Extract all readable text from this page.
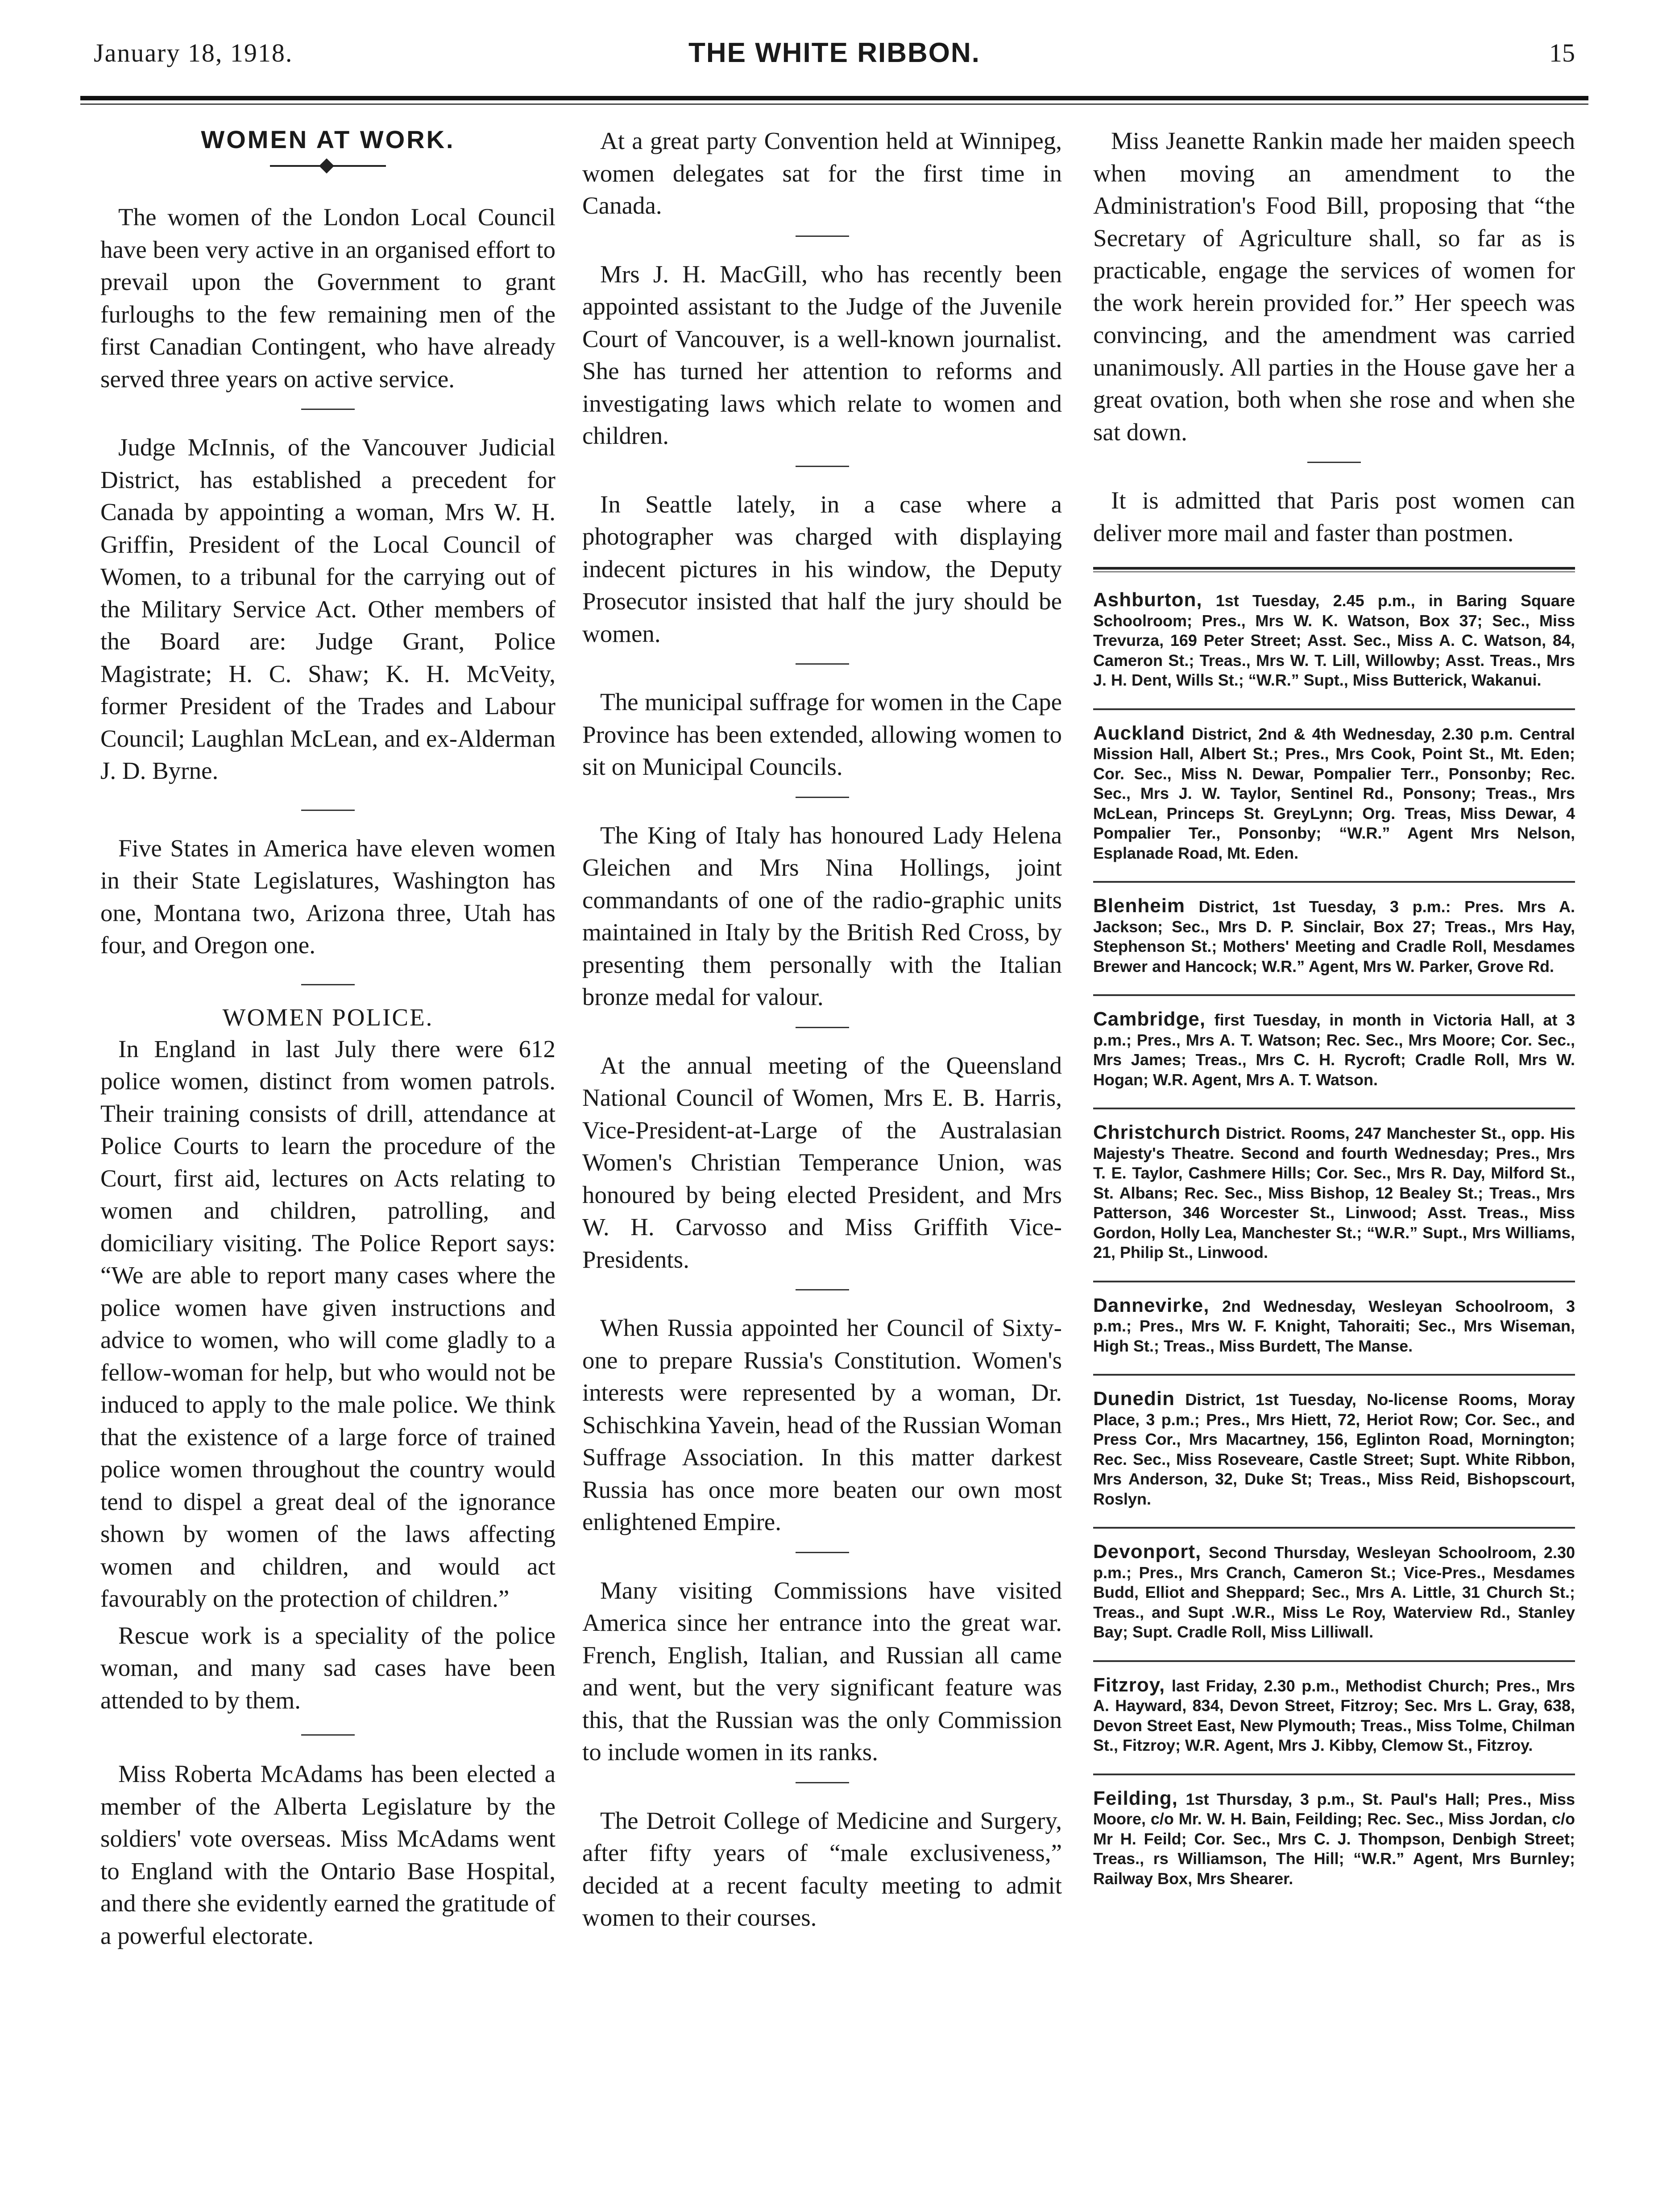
January 18, 1918.	THE WHITE RIBBON.	15
WOMEN AT WORK.

The women of the London Local Council have been very active in an organised effort to prevail upon the Government to grant furloughs to the few remaining men of the first Canadian Contingent, who have already served three years on active service.

Judge McInnis, of the Vancouver Judicial District, has established a precedent for Canada by appointing a woman, Mrs W. H. Griffin, President of the Local Council of Women, to a tribunal for the carrying out of the Military Service Act. Other members of the Board are: Judge Grant, Police Magistrate; H. C. Shaw; K. H. McVeity, former President of the Trades and Labour Council; Laughlan McLean, and ex-Alderman J. D. Byrne.

Five States in America have eleven women in their State Legislatures, Washington has one, Montana two, Arizona three, Utah has four, and Oregon one.

WOMEN POLICE.

In England in last July there were 612 police women, distinct from women patrols. Their training consists of drill, attendance at Police Courts to learn the procedure of the Court, first aid, lectures on Acts relating to women and children, patrolling, and domiciliary visiting. The Police Report says: “We are able to report many cases where the police women have given instructions and advice to women, who will come gladly to a fellow-woman for help, but who would not be induced to apply to the male police. We think that the existence of a large force of trained police women throughout the country would tend to dispel a great deal of the ignorance shown by women of the laws affecting women and children, and would act favourably on the protection of children.”

Rescue work is a speciality of the police woman, and many sad cases have been attended to by them.

Miss Roberta McAdams has been elected a member of the Alberta Legislature by the soldiers' vote overseas. Miss McAdams went to England with the Ontario Base Hospital, and there she evidently earned the gratitude of a powerful electorate.

At a great party Convention held at Winnipeg, women delegates sat for the first time in Canada.

Mrs J. H. MacGill, who has recently been appointed assistant to the Judge of the Juvenile Court of Vancouver, is a well-known journalist. She has turned her attention to reforms and investigating laws which relate to women and children.

In Seattle lately, in a case where a photographer was charged with displaying indecent pictures in his window, the Deputy Prosecutor insisted that half the jury should be women.

The municipal suffrage for women in the Cape Province has been extended, allowing women to sit on Municipal Councils.

The King of Italy has honoured Lady Helena Gleichen and Mrs Nina Hollings, joint commandants of one of the radio-graphic units maintained in Italy by the British Red Cross, by presenting them personally with the Italian bronze medal for valour.

At the annual meeting of the Queensland National Council of Women, Mrs E. B. Harris, Vice-President-at-Large of the Australasian Women's Christian Temperance Union, was honoured by being elected President, and Mrs W. H. Carvosso and Miss Griffith Vice-Presidents.

When Russia appointed her Council of Sixty-one to prepare Russia's Constitution. Women's interests were represented by a woman, Dr. Schischkina Yavein, head of the Russian Woman Suffrage Association. In this matter darkest Russia has once more beaten our own most enlightened Empire.

Many visiting Commissions have visited America since her entrance into the great war. French, English, Italian, and Russian all came and went, but the very significant feature was this, that the Russian was the only Commission to include women in its ranks.

The Detroit College of Medicine and Surgery, after fifty years of “male exclusiveness,” decided at a recent faculty meeting to admit women to their courses.

Miss Jeanette Rankin made her maiden speech when moving an amendment to the Administration's Food Bill, proposing that “the Secretary of Agriculture shall, so far as is practicable, engage the services of women for the work herein provided for.” Her speech was convincing, and the amendment was carried unanimously. All parties in the House gave her a great ovation, both when she rose and when she sat down.

It is admitted that Paris post women can deliver more mail and faster than postmen.

Ashburton, 1st Tuesday, 2.45 p.m., in Baring Square Schoolroom; Pres., Mrs W. K. Watson, Box 37; Sec., Miss Trevurza, 169 Peter Street; Asst. Sec., Miss A. C. Watson, 84, Cameron St.; Treas., Mrs W. T. Lill, Willowby; Asst. Treas., Mrs J. H. Dent, Wills St.; “W.R.” Supt., Miss Butterick, Wakanui.
Auckland District, 2nd & 4th Wednesday, 2.30 p.m. Central Mission Hall, Albert St.; Pres., Mrs Cook, Point St., Mt. Eden; Cor. Sec., Miss N. Dewar, Pompalier Terr., Ponsonby; Rec. Sec., Mrs J. W. Taylor, Sentinel Rd., Ponsony; Treas., Mrs McLean, Princeps St. GreyLynn; Org. Treas, Miss Dewar, 4 Pompalier Ter., Ponsonby; “W.R.” Agent Mrs Nelson, Esplanade Road, Mt. Eden.
Blenheim District, 1st Tuesday, 3 p.m.: Pres. Mrs A. Jackson; Sec., Mrs D. P. Sinclair, Box 27; Treas., Mrs Hay, Stephenson St.; Mothers' Meeting and Cradle Roll, Mesdames Brewer and Hancock; W.R.” Agent, Mrs W. Parker, Grove Rd.
Cambridge, first Tuesday, in month in Victoria Hall, at 3 p.m.; Pres., Mrs A. T. Watson; Rec. Sec., Mrs Moore; Cor. Sec., Mrs James; Treas., Mrs C. H. Rycroft; Cradle Roll, Mrs W. Hogan; W.R. Agent, Mrs A. T. Watson.
Christchurch District. Rooms, 247 Manchester St., opp. His Majesty's Theatre. Second and fourth Wednesday; Pres., Mrs T. E. Taylor, Cashmere Hills; Cor. Sec., Mrs R. Day, Milford St., St. Albans; Rec. Sec., Miss Bishop, 12 Bealey St.; Treas., Mrs Patterson, 346 Worcester St., Linwood; Asst. Treas., Miss Gordon, Holly Lea, Manchester St.; “W.R.” Supt., Mrs Williams, 21, Philip St., Linwood.
Dannevirke, 2nd Wednesday, Wesleyan Schoolroom, 3 p.m.; Pres., Mrs W. F. Knight, Tahoraiti; Sec., Mrs Wiseman, High St.; Treas., Miss Burdett, The Manse.
Dunedin District, 1st Tuesday, No-license Rooms, Moray Place, 3 p.m.; Pres., Mrs Hiett, 72, Heriot Row; Cor. Sec., and Press Cor., Mrs Macartney, 156, Eglinton Road, Mornington; Rec. Sec., Miss Roseveare, Castle Street; Supt. White Ribbon, Mrs Anderson, 32, Duke St; Treas., Miss Reid, Bishopscourt, Roslyn.
Devonport, Second Thursday, Wesleyan Schoolroom, 2.30 p.m.; Pres., Mrs Cranch, Cameron St.; Vice-Pres., Mesdames Budd, Elliot and Sheppard; Sec., Mrs A. Little, 31 Church St.; Treas., and Supt .W.R., Miss Le Roy, Waterview Rd., Stanley Bay; Supt. Cradle Roll, Miss Lilliwall.
Fitzroy, last Friday, 2.30 p.m., Methodist Church; Pres., Mrs A. Hayward, 834, Devon Street, Fitzroy; Sec. Mrs L. Gray, 638, Devon Street East, New Plymouth; Treas., Miss Tolme, Chilman St., Fitzroy; W.R. Agent, Mrs J. Kibby, Clemow St., Fitzroy.
Feilding, 1st Thursday, 3 p.m., St. Paul's Hall; Pres., Miss Moore, c/o Mr. W. H. Bain, Feilding; Rec. Sec., Miss Jordan, c/o Mr H. Feild; Cor. Sec., Mrs C. J. Thompson, Denbigh Street; Treas., rs Williamson, The Hill; “W.R.” Agent, Mrs Burnley; Railway Box, Mrs Shearer.
